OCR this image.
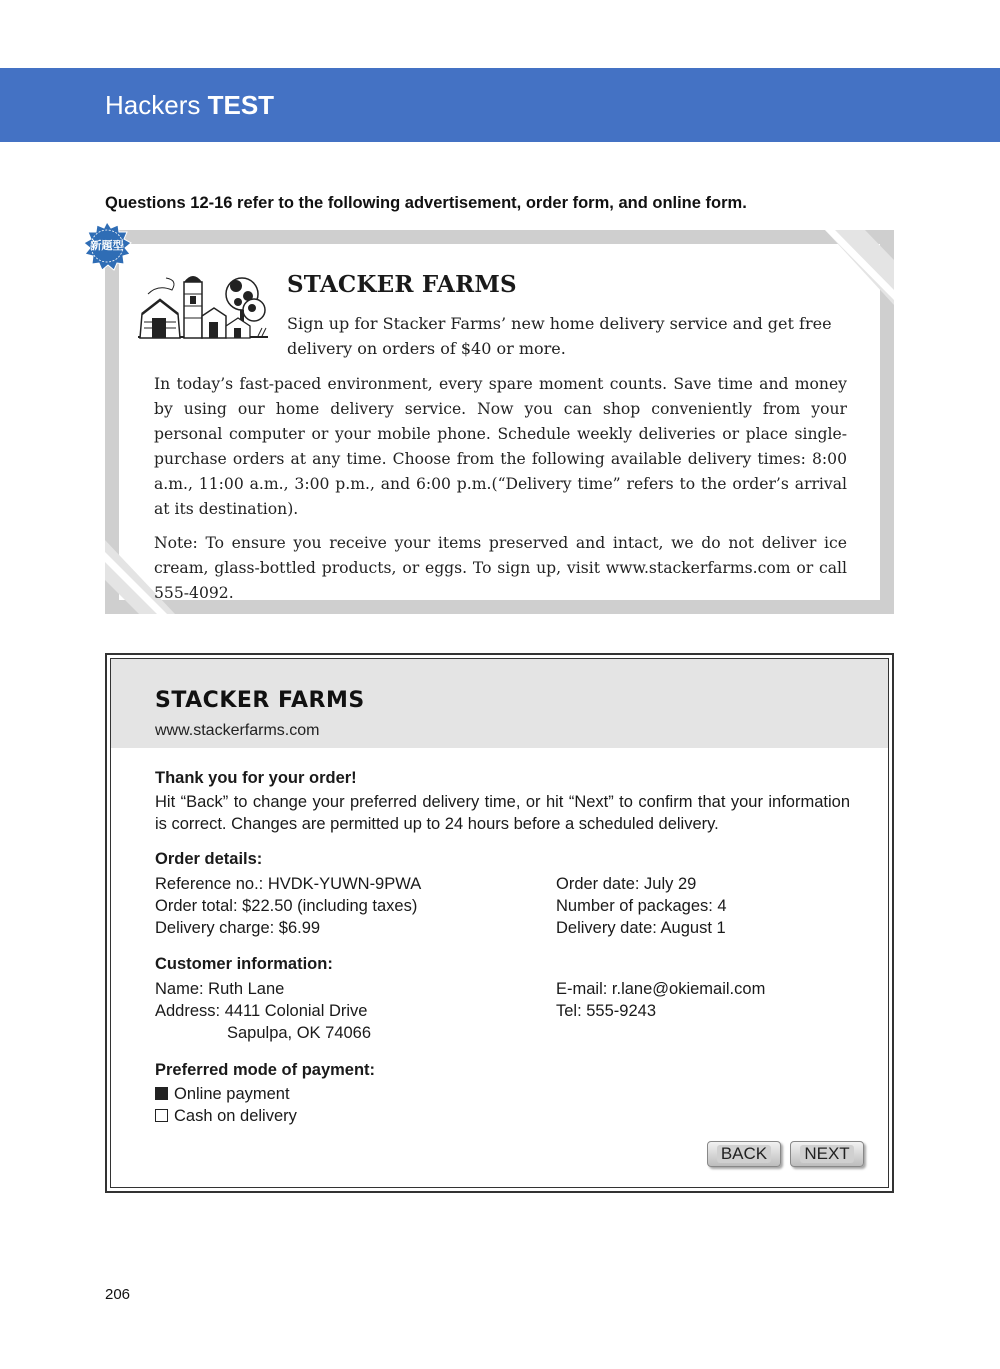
Hackers TEST

Questions 12-16 refer to the following advertisement, order form, and online form.

新題型
STACKER FARMS

Sign up for Stacker Farms’ new home delivery service and get free delivery on orders of $40 or more.

In today’s fast-paced environment, every spare moment counts. Save time and money by using our home delivery service. Now you can shop conveniently from your personal computer or your mobile phone. Schedule weekly deliveries or place single-purchase orders at any time. Choose from the following available delivery times: 8:00 a.m., 11:00 a.m., 3:00 p.m., and 6:00 p.m.(“Delivery time” refers to the order’s arrival at its destination).

Note: To ensure you receive your items preserved and intact, we do not deliver ice cream, glass-bottled products, or eggs. To sign up, visit www.stackerfarms.com or call 555-4092.

STACKER FARMS

www.stackerfarms.com

Thank you for your order!

Hit “Back” to change your preferred delivery time, or hit “Next” to confirm that your information is correct. Changes are permitted up to 24 hours before a scheduled delivery.

Order details:

Reference no.: HVDK-YUWN-9PWA

Order total: $22.50 (including taxes)

Delivery charge: $6.99

Order date: July 29

Number of packages: 4

Delivery date: August 1

Customer information:

Name: Ruth Lane

Address: 4411 Colonial Drive

Sapulpa, OK 74066

E-mail: r.lane@okiemail.com

Tel: 555-9243

Preferred mode of payment:

Online payment

Cash on delivery

BACK	NEXT

206
